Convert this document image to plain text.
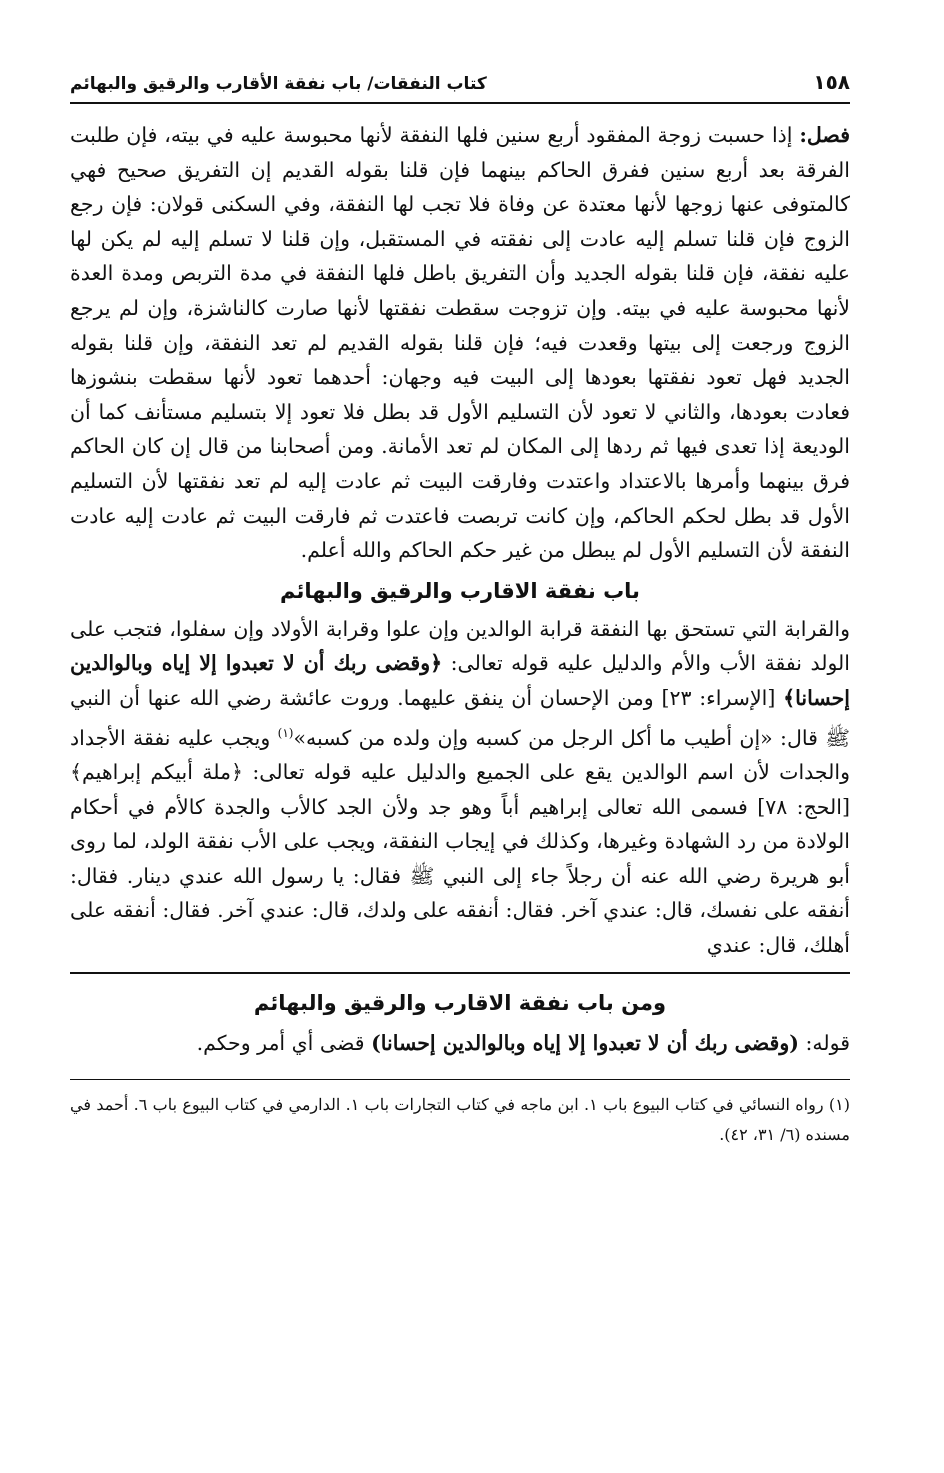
١٥٨
كتاب النفقات/ باب نفقة الأقارب والرقيق والبهائم

فصل: إذا حسبت زوجة المفقود أربع سنين فلها النفقة لأنها محبوسة عليه في بيته، فإن طلبت الفرقة بعد أربع سنين ففرق الحاكم بينهما فإن قلنا بقوله القديم إن التفريق صحيح فهي كالمتوفى عنها زوجها لأنها معتدة عن وفاة فلا تجب لها النفقة، وفي السكنى قولان: فإن رجع الزوج فإن قلنا تسلم إليه عادت إلى نفقته في المستقبل، وإن قلنا لا تسلم إليه لم يكن لها عليه نفقة، فإن قلنا بقوله الجديد وأن التفريق باطل فلها النفقة في مدة التربص ومدة العدة لأنها محبوسة عليه في بيته. وإن تزوجت سقطت نفقتها لأنها صارت كالناشزة، وإن لم يرجع الزوج ورجعت إلى بيتها وقعدت فيه؛ فإن قلنا بقوله القديم لم تعد النفقة، وإن قلنا بقوله الجديد فهل تعود نفقتها بعودها إلى البيت فيه وجهان: أحدهما تعود لأنها سقطت بنشوزها فعادت بعودها، والثاني لا تعود لأن التسليم الأول قد بطل فلا تعود إلا بتسليم مستأنف كما أن الوديعة إذا تعدى فيها ثم ردها إلى المكان لم تعد الأمانة. ومن أصحابنا من قال إن كان الحاكم فرق بينهما وأمرها بالاعتداد واعتدت وفارقت البيت ثم عادت إليه لم تعد نفقتها لأن التسليم الأول قد بطل لحكم الحاكم، وإن كانت تربصت فاعتدت ثم فارقت البيت ثم عادت إليه عادت النفقة لأن التسليم الأول لم يبطل من غير حكم الحاكم والله أعلم.

باب نفقة الاقارب والرقيق والبهائم

والقرابة التي تستحق بها النفقة قرابة الوالدين وإن علوا وقرابة الأولاد وإن سفلوا، فتجب على الولد نفقة الأب والأم والدليل عليه قوله تعالى: ﴿وقضى ربك أن لا تعبدوا إلا إياه وبالوالدين إحسانا﴾ [الإسراء: ٢٣] ومن الإحسان أن ينفق عليهما. وروت عائشة رضي الله عنها أن النبي ﷺ قال: «إن أطيب ما أكل الرجل من كسبه وإن ولده من كسبه»$^{(١)}$ ويجب عليه نفقة الأجداد والجدات لأن اسم الوالدين يقع على الجميع والدليل عليه قوله تعالى: ﴿ملة أبيكم إبراهيم﴾ [الحج: ٧٨] فسمى الله تعالى إبراهيم أباً وهو جد ولأن الجد كالأب والجدة كالأم في أحكام الولادة من رد الشهادة وغيرها، وكذلك في إيجاب النفقة، ويجب على الأب نفقة الولد، لما روى أبو هريرة رضي الله عنه أن رجلاً جاء إلى النبي ﷺ فقال: يا رسول الله عندي دينار. فقال: أنفقه على نفسك، قال: عندي آخر. فقال: أنفقه على ولدك، قال: عندي آخر. فقال: أنفقه على أهلك، قال: عندي

ومن باب نفقة الاقارب والرقيق والبهائم

قوله: (وقضى ربك أن لا تعبدوا إلا إياه وبالوالدين إحسانا) قضى أي أمر وحكم.

(١) رواه النسائي في كتاب البيوع باب ١. ابن ماجه في كتاب التجارات باب ١. الدارمي في كتاب البيوع باب ٦. أحمد في مسنده (٦/ ٣١، ٤٢).
